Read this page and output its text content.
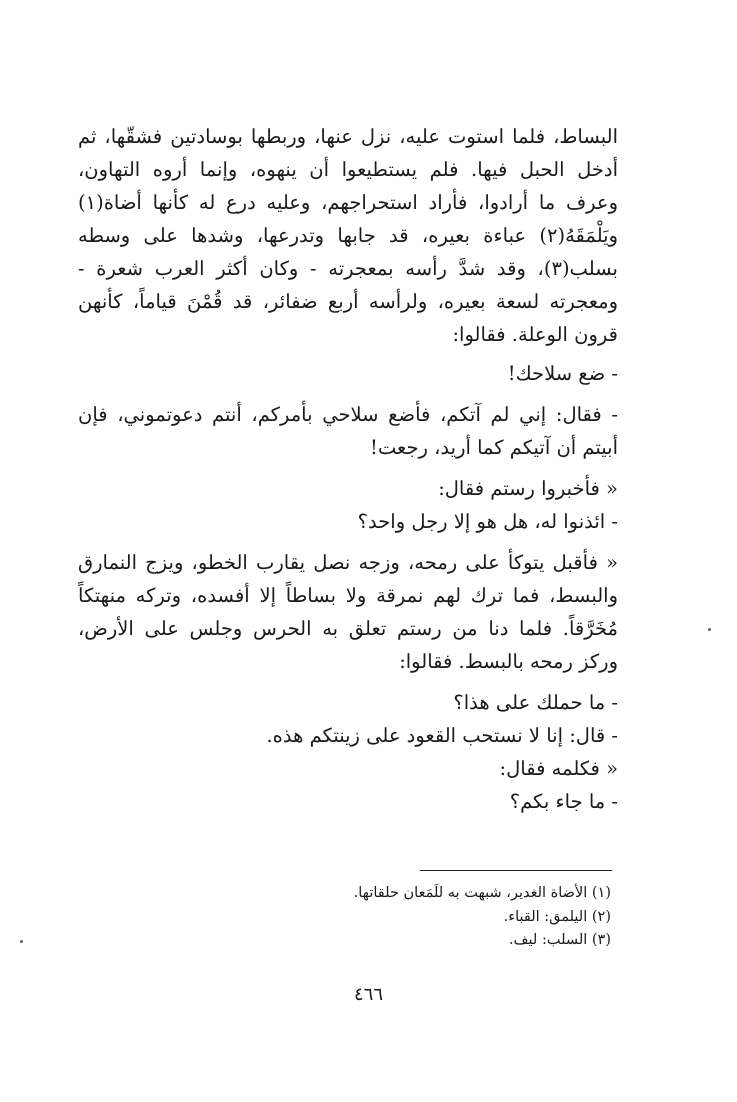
البساط، فلما استوت عليه، نزل عنها، وربطها بوسادتين فشقّها، ثم أدخل الحبل فيها. فلم يستطيعوا أن ينهوه، وإنما أروه التهاون، وعرف ما أرادوا، فأراد استحراجهم، وعليه درع له كأنها أضاة(١) ويَلْمَقَهُ(٢) عباءة بعيره، قد جابها وتدرعها، وشدها على وسطه بسلب(٣)، وقد شدَّ رأسه بمعجرته - وكان أكثر العرب شعرة - ومعجرته لسعة بعيره، ولرأسه أربع ضفائر، قد قُمْنَ قياماً، كأنهن قرون الوعلة. فقالوا:

- ضع سلاحك!

- فقال: إني لم آتكم، فأضع سلاحي بأمركم، أنتم دعوتموني، فإن أبيتم أن آتيكم كما أريد، رجعت!

« فأخبروا رستم فقال:

- ائذنوا له، هل هو إلا رجل واحد؟

« فأقبل يتوكأ على رمحه، وزجه نصل يقارب الخطو، ويزج النمارق والبسط، فما ترك لهم نمرقة ولا بساطاً إلا أفسده، وتركه منهتكاً مُخَرَّقاً. فلما دنا من رستم تعلق به الحرس وجلس على الأرض، وركز رمحه بالبسط. فقالوا:

- ما حملك على هذا؟

- قال: إنا لا نستحب القعود على زينتكم هذه.

« فكلمه فقال:

- ما جاء بكم؟

(١) الأضاة الغدير، شبهت به للَمَعان حلقاتها.
(٢) اليلمق: القباء.
(٣) السلب: ليف.
٤٦٦
